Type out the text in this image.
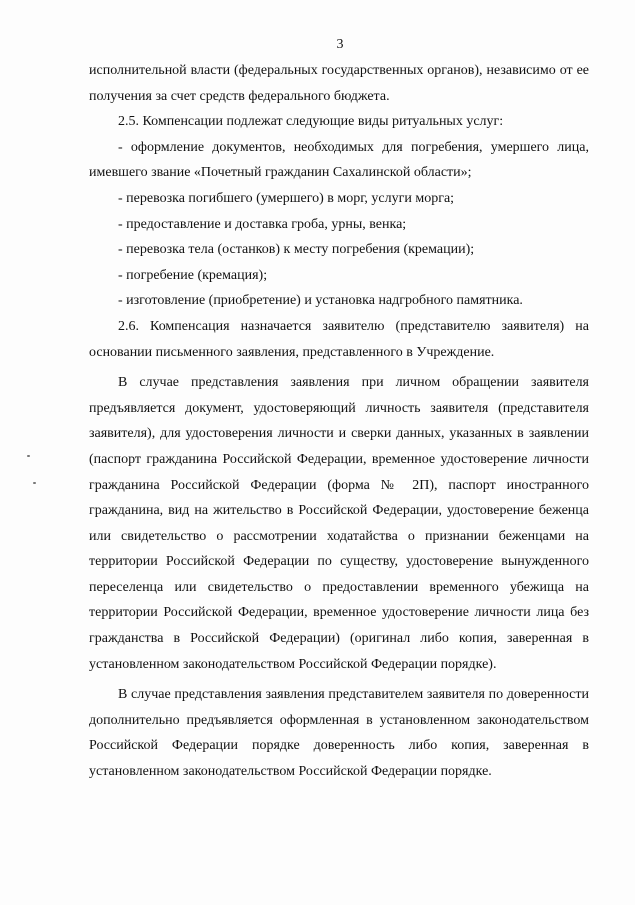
3

исполнительной власти (федеральных государственных органов), независимо от ее получения за счет средств федерального бюджета.

2.5. Компенсации подлежат следующие виды ритуальных услуг:

- оформление документов, необходимых для погребения, умершего лица, имевшего звание «Почетный гражданин Сахалинской области»;

- перевозка погибшего (умершего) в морг, услуги морга;

- предоставление и доставка гроба, урны, венка;

- перевозка тела (останков) к месту погребения (кремации);

- погребение (кремация);

- изготовление (приобретение) и установка надгробного памятника.

2.6. Компенсация назначается заявителю (представителю заявителя) на основании письменного заявления, представленного в Учреждение.

В случае представления заявления при личном обращении заявителя предъявляется документ, удостоверяющий личность заявителя (представителя заявителя), для удостоверения личности и сверки данных, указанных в заявлении (паспорт гражданина Российской Федерации, временное удостоверение личности гражданина Российской Федерации (форма № 2П), паспорт иностранного гражданина, вид на жительство в Российской Федерации, удостоверение беженца или свидетельство о рассмотрении ходатайства о признании беженцами на территории Российской Федерации по существу, удостоверение вынужденного переселенца или свидетельство о предоставлении временного убежища на территории Российской Федерации, временное удостоверение личности лица без гражданства в Российской Федерации) (оригинал либо копия, заверенная в установленном законодательством Российской Федерации порядке).

В случае представления заявления представителем заявителя по доверенности дополнительно предъявляется оформленная в установленном законодательством Российской Федерации порядке доверенность либо копия, заверенная в установленном законодательством Российской Федерации порядке.
